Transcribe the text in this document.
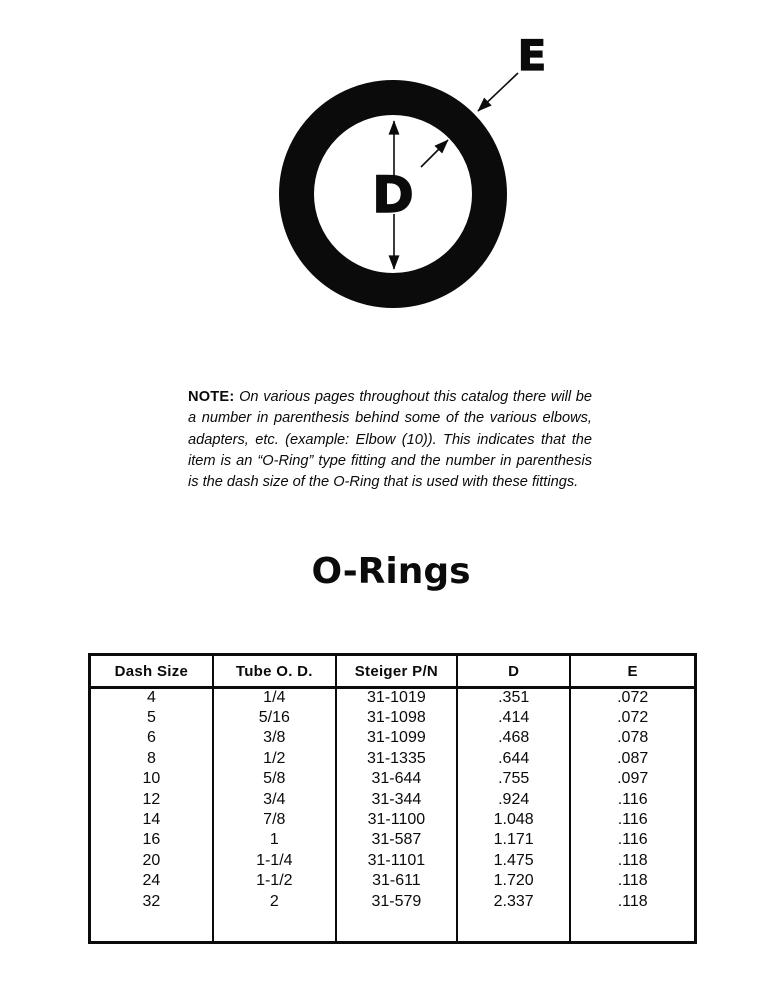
D
E
NOTE: On various pages throughout this catalog there will be a number in parenthesis behind some of the various elbows, adapters, etc. (example: Elbow (10)). This indicates that the item is an “O-Ring” type fitting and the number in parenthesis is the dash size of the O-Ring that is used with these fittings.
O-Rings
Dash Size	Tube O. D.	Steiger P/N	D	E
4	1/4	31-1019	.351	.072
5	5/16	31-1098	.414	.072
6	3/8	31-1099	.468	.078
8	1/2	31-1335	.644	.087
10	5/8	31-644	.755	.097
12	3/4	31-344	.924	.116
14	7/8	31-1100	1.048	.116
16	1	31-587	1.171	.116
20	1-1/4	31-1101	1.475	.118
24	1-1/2	31-611	1.720	.118
32	2	31-579	2.337	.118
